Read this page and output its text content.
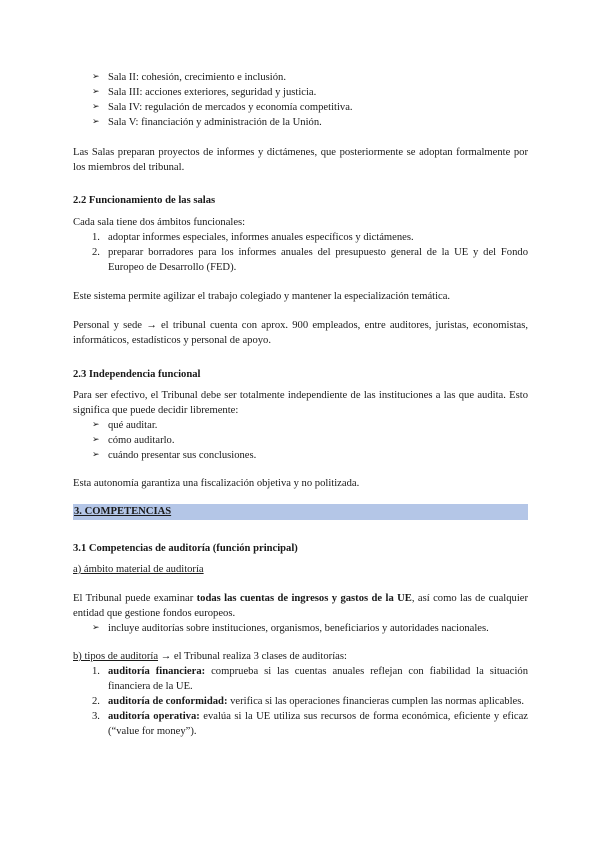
➢ Sala II: cohesión, crecimiento e inclusión.
➢ Sala III: acciones exteriores, seguridad y justicia.
➢ Sala IV: regulación de mercados y economía competitiva.
➢ Sala V: financiación y administración de la Unión.

Las Salas preparan proyectos de informes y dictámenes, que posteriormente se adoptan formalmente por los miembros del tribunal.

2.2 Funcionamiento de las salas

Cada sala tiene dos ámbitos funcionales:

1. adoptar informes especiales, informes anuales específicos y dictámenes.
2. preparar borradores para los informes anuales del presupuesto general de la UE y del Fondo Europeo de Desarrollo (FED).

Este sistema permite agilizar el trabajo colegiado y mantener la especialización temática.

Personal y sede → el tribunal cuenta con aprox. 900 empleados, entre auditores, juristas, economistas, informáticos, estadísticos y personal de apoyo.

2.3 Independencia funcional

Para ser efectivo, el Tribunal debe ser totalmente independiente de las instituciones a las que audita. Esto significa que puede decidir libremente:

➢ qué auditar.
➢ cómo auditarlo.
➢ cuándo presentar sus conclusiones.

Esta autonomía garantiza una fiscalización objetiva y no politizada.

3. COMPETENCIAS
3.1 Competencias de auditoría (función principal)

a) ámbito material de auditoría

El Tribunal puede examinar todas las cuentas de ingresos y gastos de la UE, así como las de cualquier entidad que gestione fondos europeos.

➢ incluye auditorías sobre instituciones, organismos, beneficiarios y autoridades nacionales.

b) tipos de auditoría → el Tribunal realiza 3 clases de auditorías:

1. auditoría financiera: comprueba si las cuentas anuales reflejan con fiabilidad la situación financiera de la UE.
2. auditoría de conformidad: verifica si las operaciones financieras cumplen las normas aplicables.
3. auditoría operativa: evalúa si la UE utiliza sus recursos de forma económica, eficiente y eficaz (“value for money”).
